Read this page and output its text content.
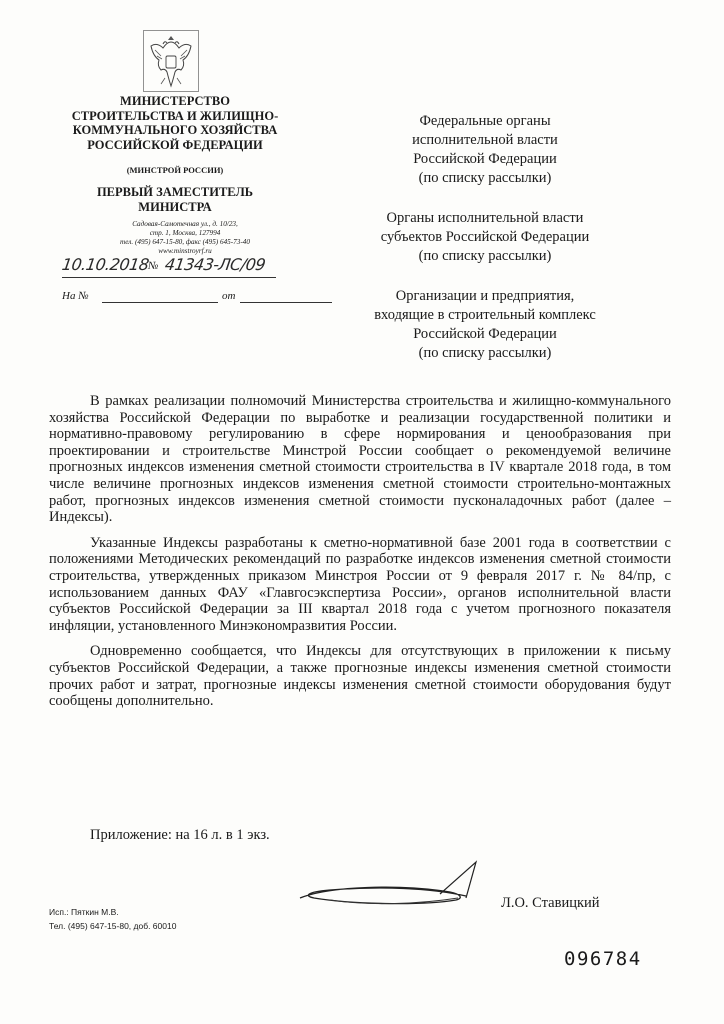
МИНИСТЕРСТВО
СТРОИТЕЛЬСТВА И ЖИЛИЩНО-
КОММУНАЛЬНОГО ХОЗЯЙСТВА
РОССИЙСКОЙ ФЕДЕРАЦИИ
(МИНСТРОЙ РОССИИ)
ПЕРВЫЙ ЗАМЕСТИТЕЛЬ
МИНИСТРА
Садовая-Самотечная ул., д. 10/23,
стр. 1, Москва, 127994
тел. (495) 647-15-80, факс (495) 645-73-40
www.minstroyrf.ru
10.10.2018
№ 41343-ЛС/09
На №	от
Федеральные органы
исполнительной власти
Российской Федерации
(по списку рассылки)
Органы исполнительной власти
субъектов Российской Федерации
(по списку рассылки)
Организации и предприятия,
входящие в строительный комплекс
Российской Федерации
(по списку рассылки)

В рамках реализации полномочий Министерства строительства и жилищно-коммунального хозяйства Российской Федерации по выработке и реализации государственной политики и нормативно-правовому регулированию в сфере нормирования и ценообразования при проектировании и строительстве Минстрой России сообщает о рекомендуемой величине прогнозных индексов изменения сметной стоимости строительства в IV квартале 2018 года, в том числе величине прогнозных индексов изменения сметной стоимости строительно-монтажных работ, прогнозных индексов изменения сметной стоимости пусконаладочных работ (далее – Индексы).

Указанные Индексы разработаны к сметно-нормативной базе 2001 года в соответствии с положениями Методических рекомендаций по разработке индексов изменения сметной стоимости строительства, утвержденных приказом Минстроя России от 9 февраля 2017 г. № 84/пр, с использованием данных ФАУ «Главгосэкспертиза России», органов исполнительной власти субъектов Российской Федерации за III квартал 2018 года с учетом прогнозного показателя инфляции, установленного Минэкономразвития России.

Одновременно сообщается, что Индексы для отсутствующих в приложении к письму субъектов Российской Федерации, а также прогнозные индексы изменения сметной стоимости прочих работ и затрат, прогнозные индексы изменения сметной стоимости оборудования будут сообщены дополнительно.

Приложение: на 16 л. в 1 экз.
Л.О. Ставицкий
Исп.: Пяткин М.В.
Тел. (495) 647-15-80, доб. 60010
096784
